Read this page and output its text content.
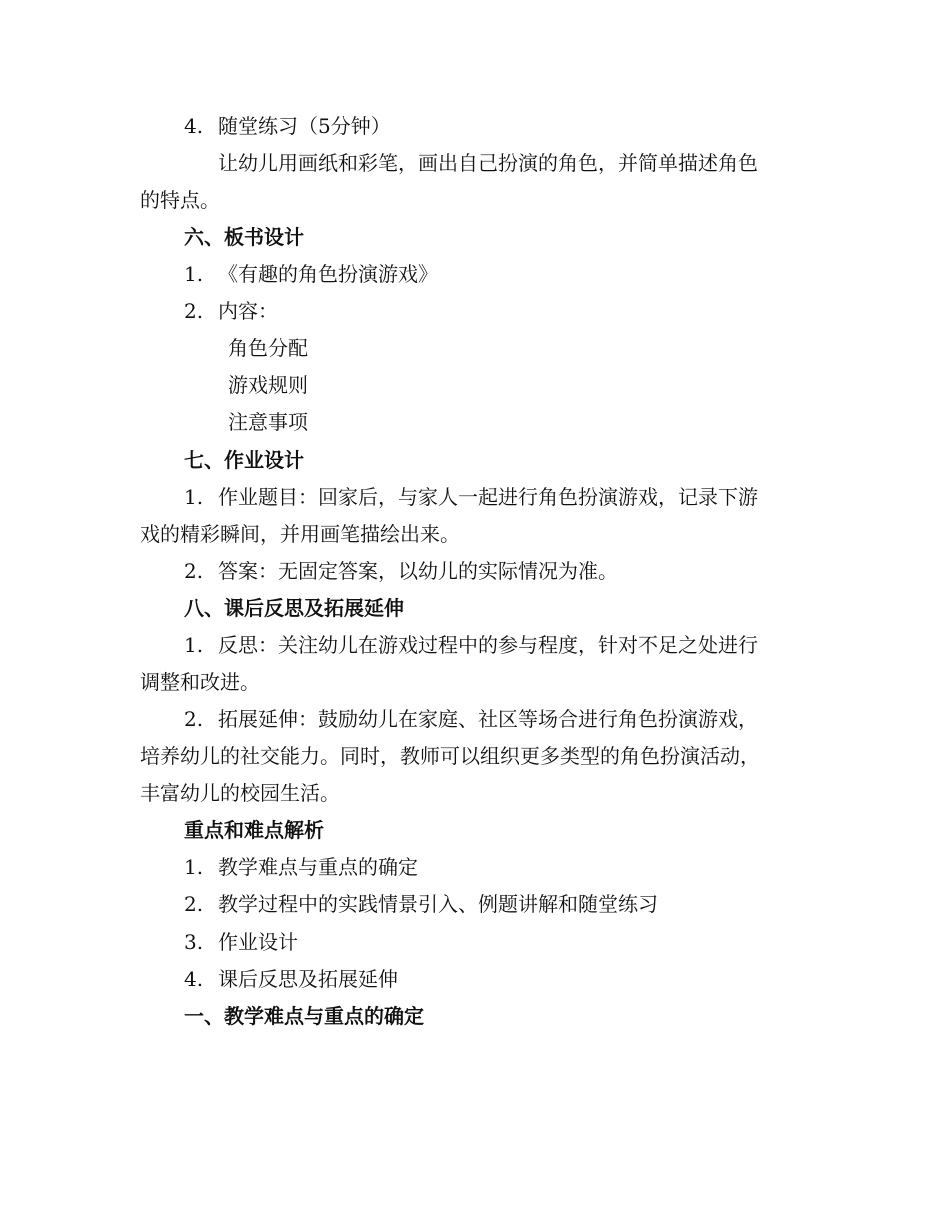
4. 随堂练习（5分钟）
让幼儿用画纸和彩笔，画出自己扮演的角色，并简单描述角色
的特点。
六、板书设计
1. 《有趣的角色扮演游戏》
2. 内容：
角色分配
游戏规则
注意事项
七、作业设计
1. 作业题目：回家后，与家人一起进行角色扮演游戏，记录下游
戏的精彩瞬间，并用画笔描绘出来。
2. 答案：无固定答案，以幼儿的实际情况为准。
八、课后反思及拓展延伸
1. 反思：关注幼儿在游戏过程中的参与程度，针对不足之处进行
调整和改进。
2. 拓展延伸：鼓励幼儿在家庭、社区等场合进行角色扮演游戏，
培养幼儿的社交能力。同时，教师可以组织更多类型的角色扮演活动，
丰富幼儿的校园生活。
重点和难点解析
1. 教学难点与重点的确定
2. 教学过程中的实践情景引入、例题讲解和随堂练习
3. 作业设计
4. 课后反思及拓展延伸
一、教学难点与重点的确定
